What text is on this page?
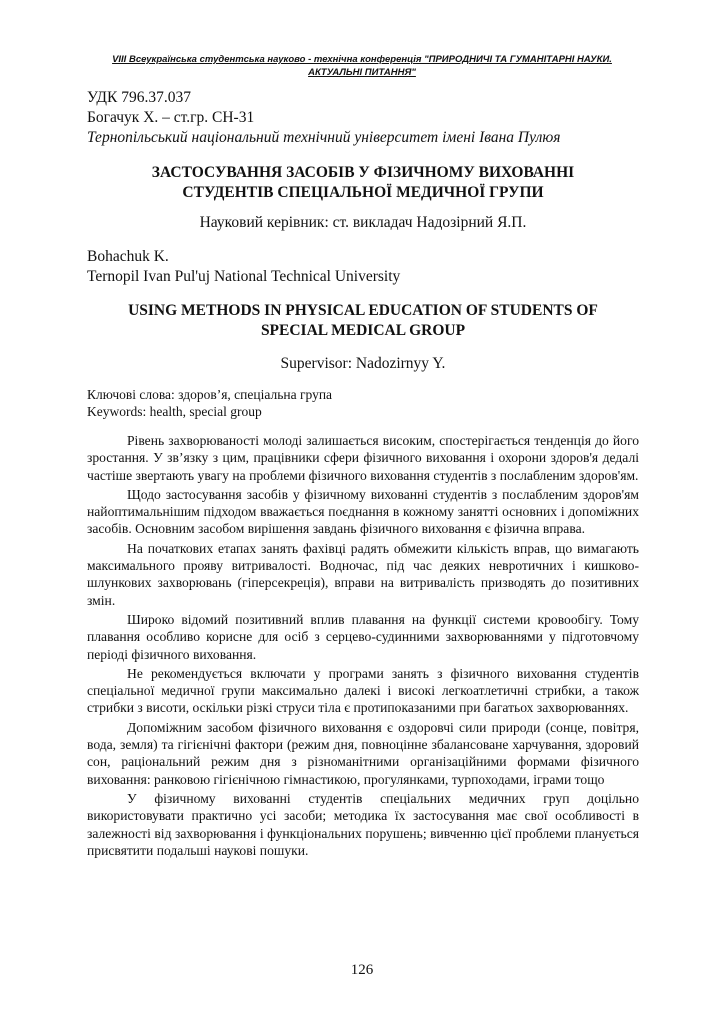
VIII Всеукраїнська студентська науково - технічна конференція "ПРИРОДНИЧІ ТА ГУМАНІТАРНІ НАУКИ.
АКТУАЛЬНІ ПИТАННЯ"
УДК 796.37.037
Богачук Х. – ст.гр. СН-31
Тернопільський національний технічний університет імені Івана Пулюя
ЗАСТОСУВАННЯ ЗАСОБІВ У ФІЗИЧНОМУ ВИХОВАННІ
СТУДЕНТІВ СПЕЦІАЛЬНОЇ МЕДИЧНОЇ ГРУПИ
Науковий керівник: ст. викладач Надозірний Я.П.
Bohachuk K.
Ternopil Ivan Pul'uj National Technical University
USING METHODS IN PHYSICAL EDUCATION OF STUDENTS OF
SPECIAL MEDICAL GROUP
Supervisor: Nadozirnyy Y.
Ключові слова: здоров’я, спеціальна група
Keywords: health, special group

Рівень захворюваності молоді залишається високим, спостерігається тенденція до його зростання. У зв’язку з цим, працівники сфери фізичного виховання і охорони здоров'я дедалі частіше звертають увагу на проблеми фізичного виховання студентів з послабленим здоров'ям.

Щодо застосування засобів у фізичному вихованні студентів з послабленим здоров'ям найоптимальнішим підходом вважається поєднання в кожному занятті основних і допоміжних засобів. Основним засобом вирішення завдань фізичного виховання є фізична вправа.

На початкових етапах занять фахівці радять обмежити кількість вправ, що вимагають максимального прояву витривалості. Водночас, під час деяких невротичних і кишково-шлункових захворювань (гіперсекреція), вправи на витривалість призводять до позитивних змін.

Широко відомий позитивний вплив плавання на функції системи кровообігу. Тому плавання особливо корисне для осіб з серцево-судинними захворюваннями у підготовчому періоді фізичного виховання.

Не рекомендується включати у програми занять з фізичного виховання студентів спеціальної медичної групи максимально далекі і високі легкоатлетичні стрибки, а також стрибки з висоти, оскільки різкі струси тіла є протипоказаними при багатьох захворюваннях.

Допоміжним засобом фізичного виховання є оздоровчі сили природи (сонце, повітря, вода, земля) та гігієнічні фактори (режим дня, повноцінне збалансоване харчування, здоровий сон, раціональний режим дня з різноманітними організаційними формами фізичного виховання: ранковою гігієнічною гімнастикою, прогулянками, турпоходами, іграми тощо

У фізичному вихованні студентів спеціальних медичних груп доцільно використовувати практично усі засоби; методика їх застосування має свої особливості в залежності від захворювання і функціональних порушень; вивченню цієї проблеми планується присвятити подальші наукові пошуки.

126
